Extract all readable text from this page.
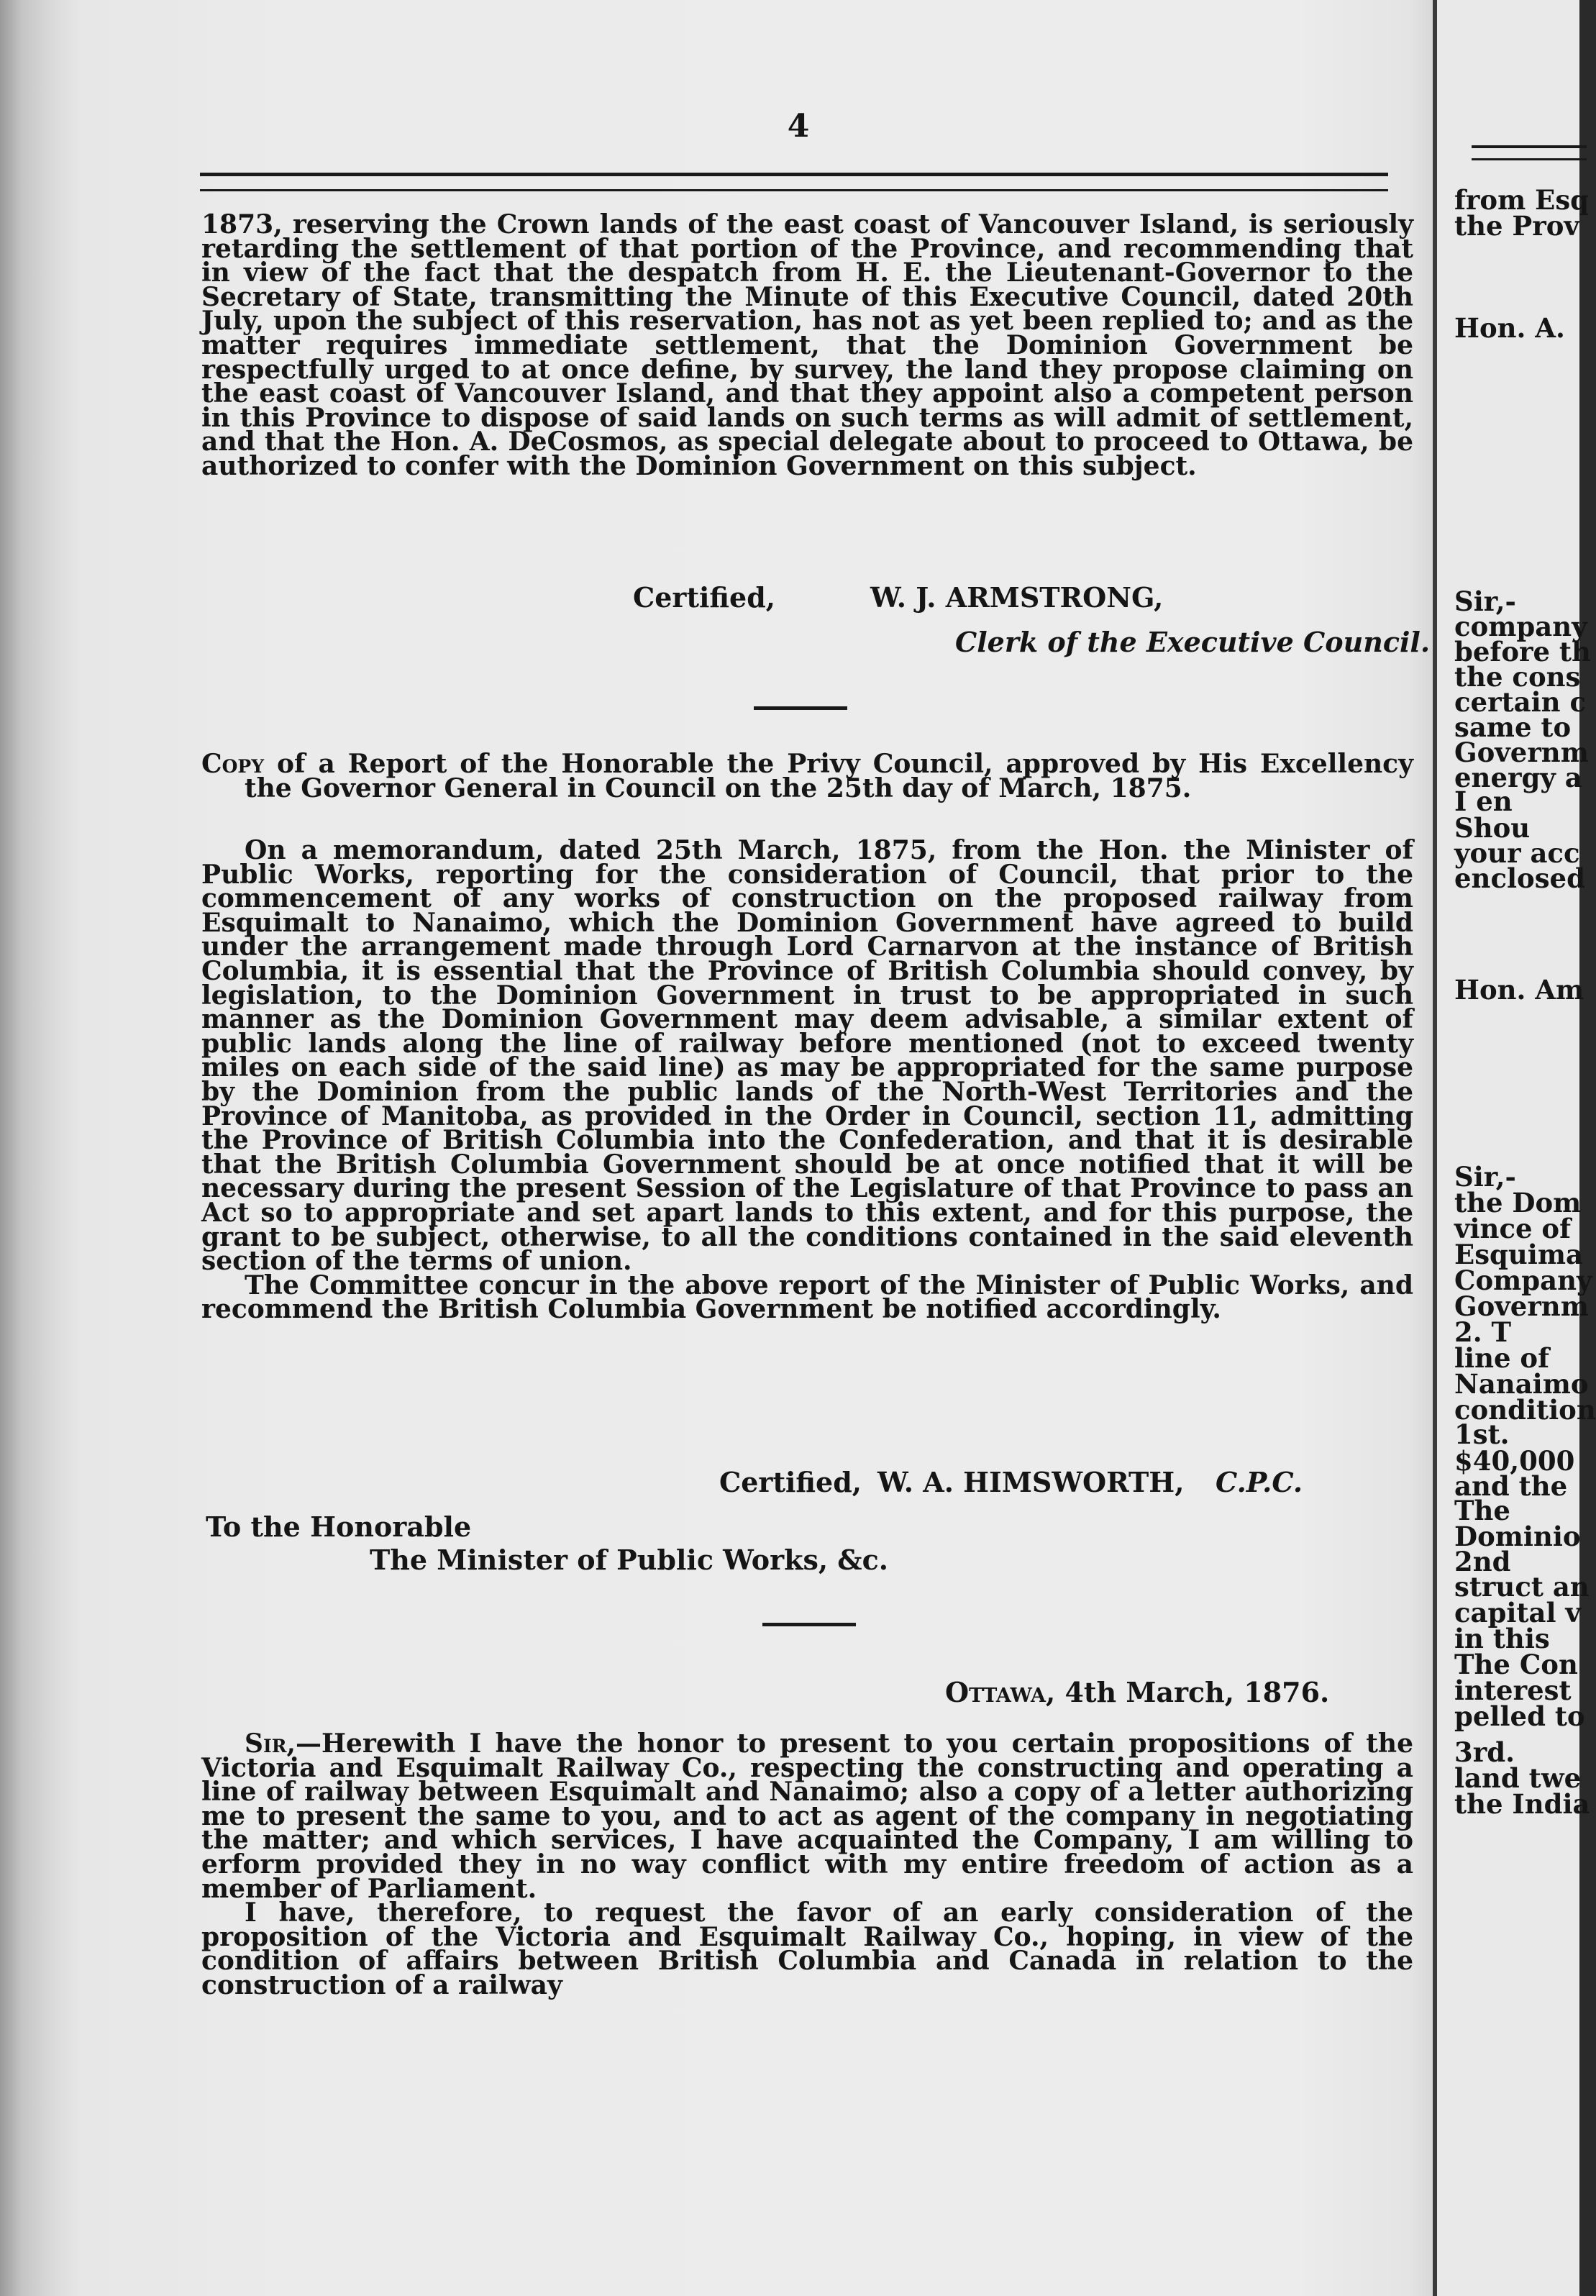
4

1873, reserving the Crown lands of the east coast of Vancouver Island, is seriously retarding the settlement of that portion of the Province, and recommending that in view of the fact that the despatch from H. E. the Lieutenant-Governor to the Secretary of State, transmitting the Minute of this Executive Council, dated 20th July, upon the subject of this reservation, has not as yet been replied to; and as the matter requires immediate settlement, that the Dominion Government be respectfully urged to at once define, by survey, the land they propose claiming on the east coast of Vancouver Island, and that they appoint also a competent person in this Province to dispose of said lands on such terms as will admit of settlement, and that the Hon. A. DeCosmos, as special delegate about to proceed to Ottawa, be authorized to confer with the Dominion Government on this subject.

Certified,	W. J. ARMSTRONG,
Clerk of the Executive Council.

Copy of a Report of the Honorable the Privy Council, approved by His Excellency the Governor General in Council on the 25th day of March, 1875.

On a memorandum, dated 25th March, 1875, from the Hon. the Minister of Public Works, reporting for the consideration of Council, that prior to the commencement of any works of construction on the proposed railway from Esquimalt to Nanaimo, which the Dominion Government have agreed to build under the arrangement made through Lord Carnarvon at the instance of British Columbia, it is essential that the Province of British Columbia should convey, by legislation, to the Dominion Government in trust to be appropriated in such manner as the Dominion Government may deem advisable, a similar extent of public lands along the line of railway before mentioned (not to exceed twenty miles on each side of the said line) as may be appropriated for the same purpose by the Dominion from the public lands of the North-West Territories and the Province of Manitoba, as provided in the Order in Council, section 11, admitting the Province of British Columbia into the Confederation, and that it is desirable that the British Columbia Government should be at once notified that it will be necessary during the present Session of the Legislature of that Province to pass an Act so to appropriate and set apart lands to this extent, and for this purpose, the grant to be subject, otherwise, to all the conditions contained in the said eleventh section of the terms of union.

The Committee concur in the above report of the Minister of Public Works, and recommend the British Columbia Government be notified accordingly.

Certified, W. A. HIMSWORTH, C.P.C.
To the Honorable
The Minister of Public Works, &c.
Ottawa, 4th March, 1876.

Sir,—Herewith I have the honor to present to you certain propositions of the Victoria and Esquimalt Railway Co., respecting the constructing and operating a line of railway between Esquimalt and Nanaimo; also a copy of a letter authorizing me to present the same to you, and to act as agent of the company in negotiating the matter; and which services, I have acquainted the Company, I am willing to erform provided they in no way conflict with my entire freedom of action as a member of Parliament.

I have, therefore, to request the favor of an early consideration of the proposition of the Victoria and Esquimalt Railway Co., hoping, in view of the condition of affairs between British Columbia and Canada in relation to the construction of a railway

from Esq
the Prov
Hon. A.
Sir,-
company
before th
the cons
certain c
same to
Governm
energy a
I en
Shou
your acc
enclosed
Hon. Am
Sir,-
the Dom
vince of
Esquima
Company
Governm
2. T
line of
Nanaimo
condition
1st.
$40,000
and the
The
Dominio
2nd
struct an
capital v
in this
The Con
interest
pelled to
3rd.
land twe
the India
